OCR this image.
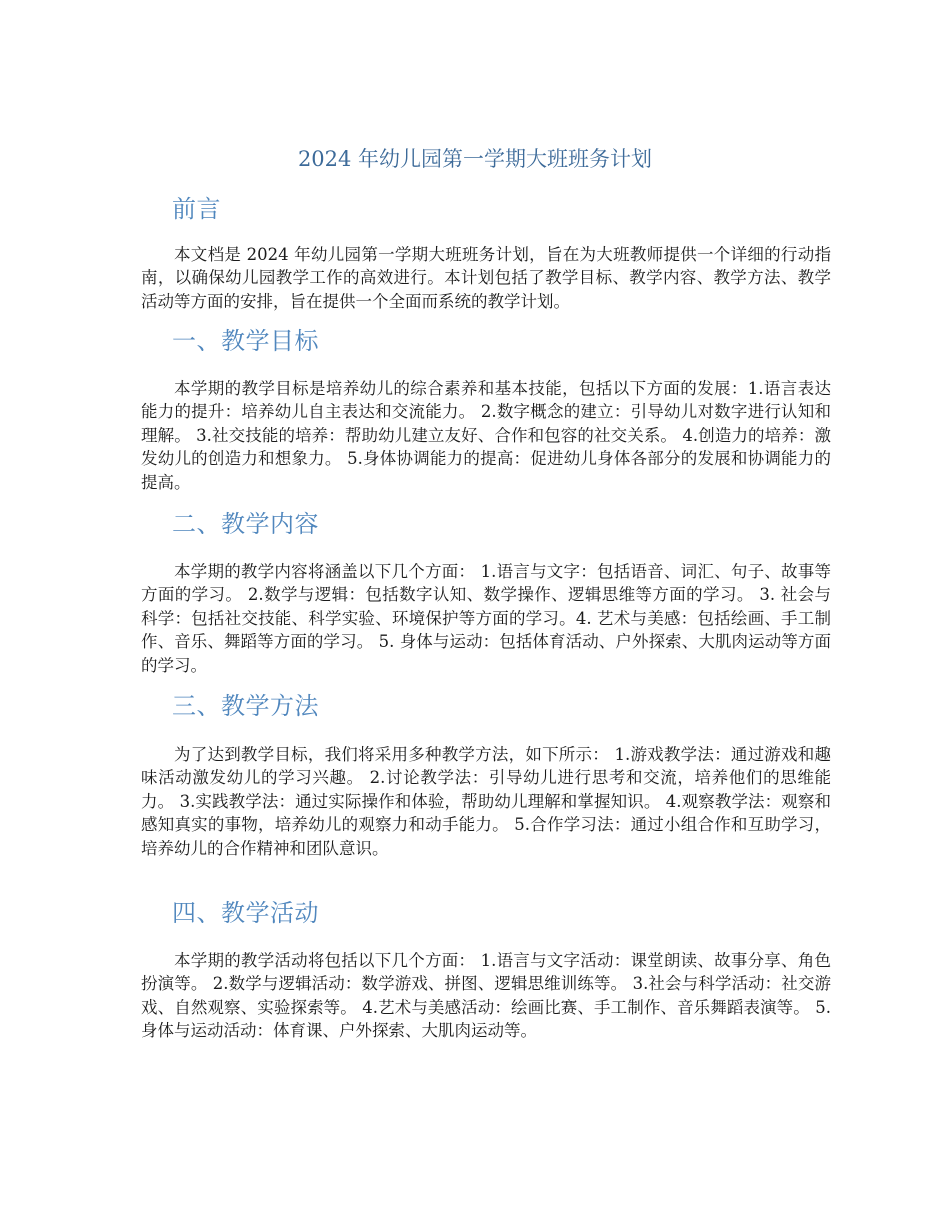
2024 年幼儿园第一学期大班班务计划
前言

本文档是 2024 年幼儿园第一学期大班班务计划，旨在为大班教师提供一个详细的行动指南，以确保幼儿园教学工作的高效进行。本计划包括了教学目标、教学内容、教学方法、教学活动等方面的安排，旨在提供一个全面而系统的教学计划。

一、教学目标

本学期的教学目标是培养幼儿的综合素养和基本技能，包括以下方面的发展：1.语言表达能力的提升：培养幼儿自主表达和交流能力。 2.数字概念的建立：引导幼儿对数字进行认知和理解。 3.社交技能的培养：帮助幼儿建立友好、合作和包容的社交关系。 4.创造力的培养：激发幼儿的创造力和想象力。 5.身体协调能力的提高：促进幼儿身体各部分的发展和协调能力的提高。

二、教学内容

本学期的教学内容将涵盖以下几个方面： 1.语言与文字：包括语音、词汇、句子、故事等方面的学习。 2.数学与逻辑：包括数字认知、数学操作、逻辑思维等方面的学习。 3. 社会与科学：包括社交技能、科学实验、环境保护等方面的学习。4. 艺术与美感：包括绘画、手工制作、音乐、舞蹈等方面的学习。 5. 身体与运动：包括体育活动、户外探索、大肌肉运动等方面的学习。

三、教学方法

为了达到教学目标，我们将采用多种教学方法，如下所示： 1.游戏教学法：通过游戏和趣味活动激发幼儿的学习兴趣。 2.讨论教学法：引导幼儿进行思考和交流，培养他们的思维能力。 3.实践教学法：通过实际操作和体验，帮助幼儿理解和掌握知识。 4.观察教学法：观察和感知真实的事物，培养幼儿的观察力和动手能力。 5.合作学习法：通过小组合作和互助学习，培养幼儿的合作精神和团队意识。

四、教学活动

本学期的教学活动将包括以下几个方面： 1.语言与文字活动：课堂朗读、故事分享、角色扮演等。 2.数学与逻辑活动：数学游戏、拼图、逻辑思维训练等。 3.社会与科学活动：社交游戏、自然观察、实验探索等。 4.艺术与美感活动：绘画比赛、手工制作、音乐舞蹈表演等。 5.身体与运动活动：体育课、户外探索、大肌肉运动等。
